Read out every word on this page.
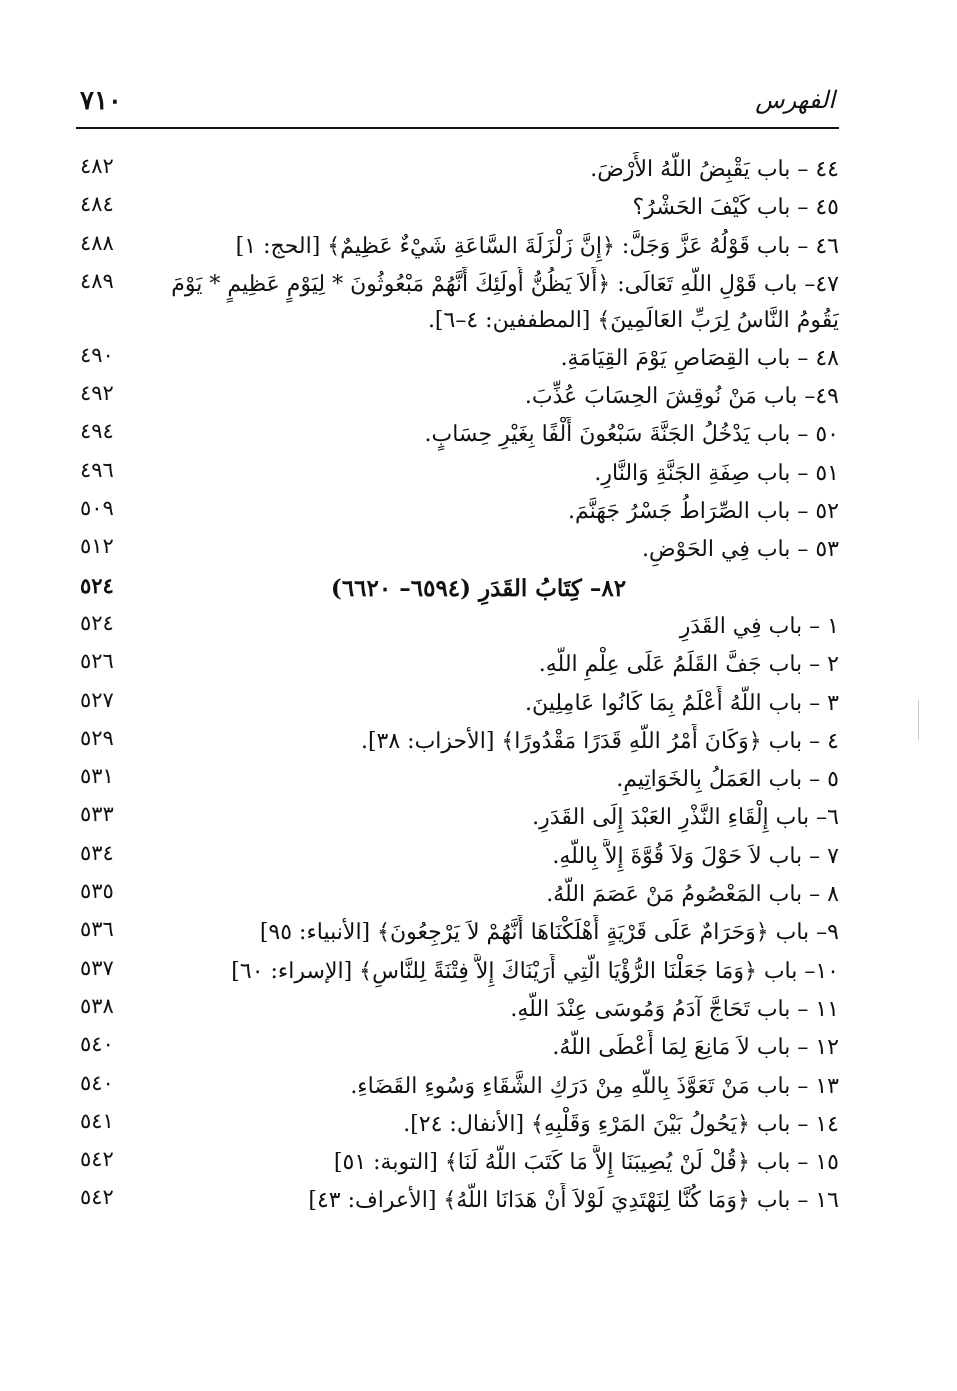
الفهرس
٧١٠
٤٨٢	٤٤ – باب يَقْبِضُ اللَّهُ الأَرْضَ.
٤٨٤	٤٥ – باب كَيْفَ الحَشْرُ؟
٤٨٨	٤٦ – باب قَوْلُهُ عَزَّ وَجَلَّ: ﴿إِنَّ زَلْزَلَةَ السَّاعَةِ شَيْءٌ عَظِيمٌ﴾ [الحج: ١]
٤٨٩	٤٧– باب قَوْلِ اللَّهِ تَعَالَى: ﴿أَلاَ يَظُنُّ أُولَئِكَ أَنَّهُمْ مَبْعُوثُونَ * لِيَوْمٍ عَظِيمٍ * يَوْمَ
يَقُومُ النَّاسُ لِرَبِّ العَالَمِينَ﴾ [المطففين: ٤–٦].
٤٩٠	٤٨ – باب القِصَاصِ يَوْمَ القِيَامَةِ.
٤٩٢	٤٩– باب مَنْ نُوقِشَ الحِسَابَ عُذِّبَ.
٤٩٤	٥٠ – باب يَدْخُلُ الجَنَّةَ سَبْعُونَ أَلْفًا بِغَيْرِ حِسَابٍ.
٤٩٦	٥١ – باب صِفَةِ الجَنَّةِ وَالنَّارِ.
٥٠٩	٥٢ – باب الصِّرَاطُ جَسْرُ جَهَنَّمَ.
٥١٢	٥٣ – باب فِي الحَوْضِ.
٥٢٤	٨٢– كِتَابُ القَدَرِ (٦٥٩٤– ٦٦٢٠)
٥٢٤	١ – باب فِي القَدَرِ
٥٢٦	٢ – باب جَفَّ القَلَمُ عَلَى عِلْمِ اللَّهِ.
٥٢٧	٣ – باب اللَّهُ أَعْلَمُ بِمَا كَانُوا عَامِلِينَ.
٥٢٩	٤ – باب ﴿وَكَانَ أَمْرُ اللَّهِ قَدَرًا مَقْدُورًا﴾ [الأحزاب: ٣٨].
٥٣١	٥ – باب العَمَلُ بِالخَوَاتِيمِ.
٥٣٣	٦– باب إِلْقَاءِ النَّذْرِ العَبْدَ إِلَى القَدَرِ.
٥٣٤	٧ – باب لاَ حَوْلَ وَلاَ قُوَّةَ إِلاَّ بِاللَّهِ.
٥٣٥	٨ – باب المَعْصُومُ مَنْ عَصَمَ اللَّهُ.
٥٣٦	٩– باب ﴿وَحَرَامٌ عَلَى قَرْيَةٍ أَهْلَكْنَاهَا أَنَّهُمْ لاَ يَرْجِعُونَ﴾ [الأنبياء: ٩٥]
٥٣٧	١٠– باب ﴿وَمَا جَعَلْنَا الرُّؤْيَا الَّتِي أَرَيْنَاكَ إِلاَّ فِتْنَةً لِلنَّاسِ﴾ [الإسراء: ٦٠]
٥٣٨	١١ – باب تَحَاجَّ آدَمُ وَمُوسَى عِنْدَ اللَّهِ.
٥٤٠	١٢ – باب لاَ مَانِعَ لِمَا أَعْطَى اللَّهُ.
٥٤٠	١٣ – باب مَنْ تَعَوَّذَ بِاللَّهِ مِنْ دَرَكِ الشَّقَاءِ وَسُوءِ القَضَاءِ.
٥٤١	١٤ – باب ﴿يَحُولُ بَيْنَ المَرْءِ وَقَلْبِهِ﴾ [الأنفال: ٢٤].
٥٤٢	١٥ – باب ﴿قُلْ لَنْ يُصِيبَنَا إِلاَّ مَا كَتَبَ اللَّهُ لَنَا﴾ [التوبة: ٥١]
٥٤٢	١٦ – باب ﴿وَمَا كُنَّا لِنَهْتَدِيَ لَوْلاَ أَنْ هَدَانَا اللَّهُ﴾ [الأعراف: ٤٣]
